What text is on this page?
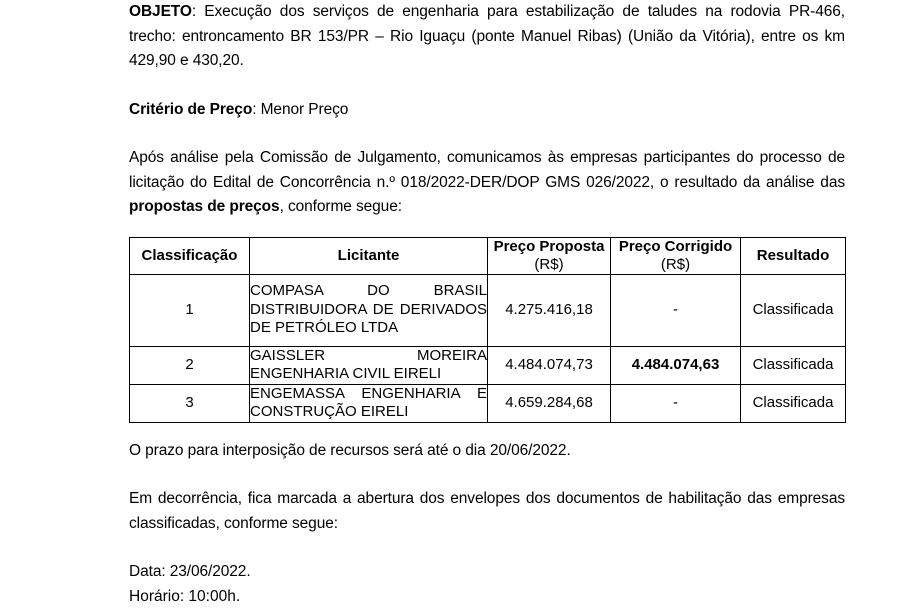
OBJETO: Execução dos serviços de engenharia para estabilização de taludes na rodovia PR-466, trecho: entroncamento BR 153/PR – Rio Iguaçu (ponte Manuel Ribas) (União da Vitória), entre os km 429,90 e 430,20.

Critério de Preço: Menor Preço

Após análise pela Comissão de Julgamento, comunicamos às empresas participantes do processo de licitação do Edital de Concorrência n.º 018/2022-DER/DOP GMS 026/2022, o resultado da análise das propostas de preços, conforme segue:

Classificação	Licitante	Preço Proposta (R$)	Preço Corrigido (R$)	Resultado
1	COMPASA DO BRASIL DISTRIBUIDORA DE DERIVADOS DE PETRÓLEO LTDA	4.275.416,18	-	Classificada
2	GAISSLER MOREIRA ENGENHARIA CIVIL EIRELI	4.484.074,73	4.484.074,63	Classificada
3	ENGEMASSA ENGENHARIA E CONSTRUÇÃO EIRELI	4.659.284,68	-	Classificada

O prazo para interposição de recursos será até o dia 20/06/2022.

Em decorrência, fica marcada a abertura dos envelopes dos documentos de habilitação das empresas classificadas, conforme segue:

Data: 23/06/2022.

Horário: 10:00h.
